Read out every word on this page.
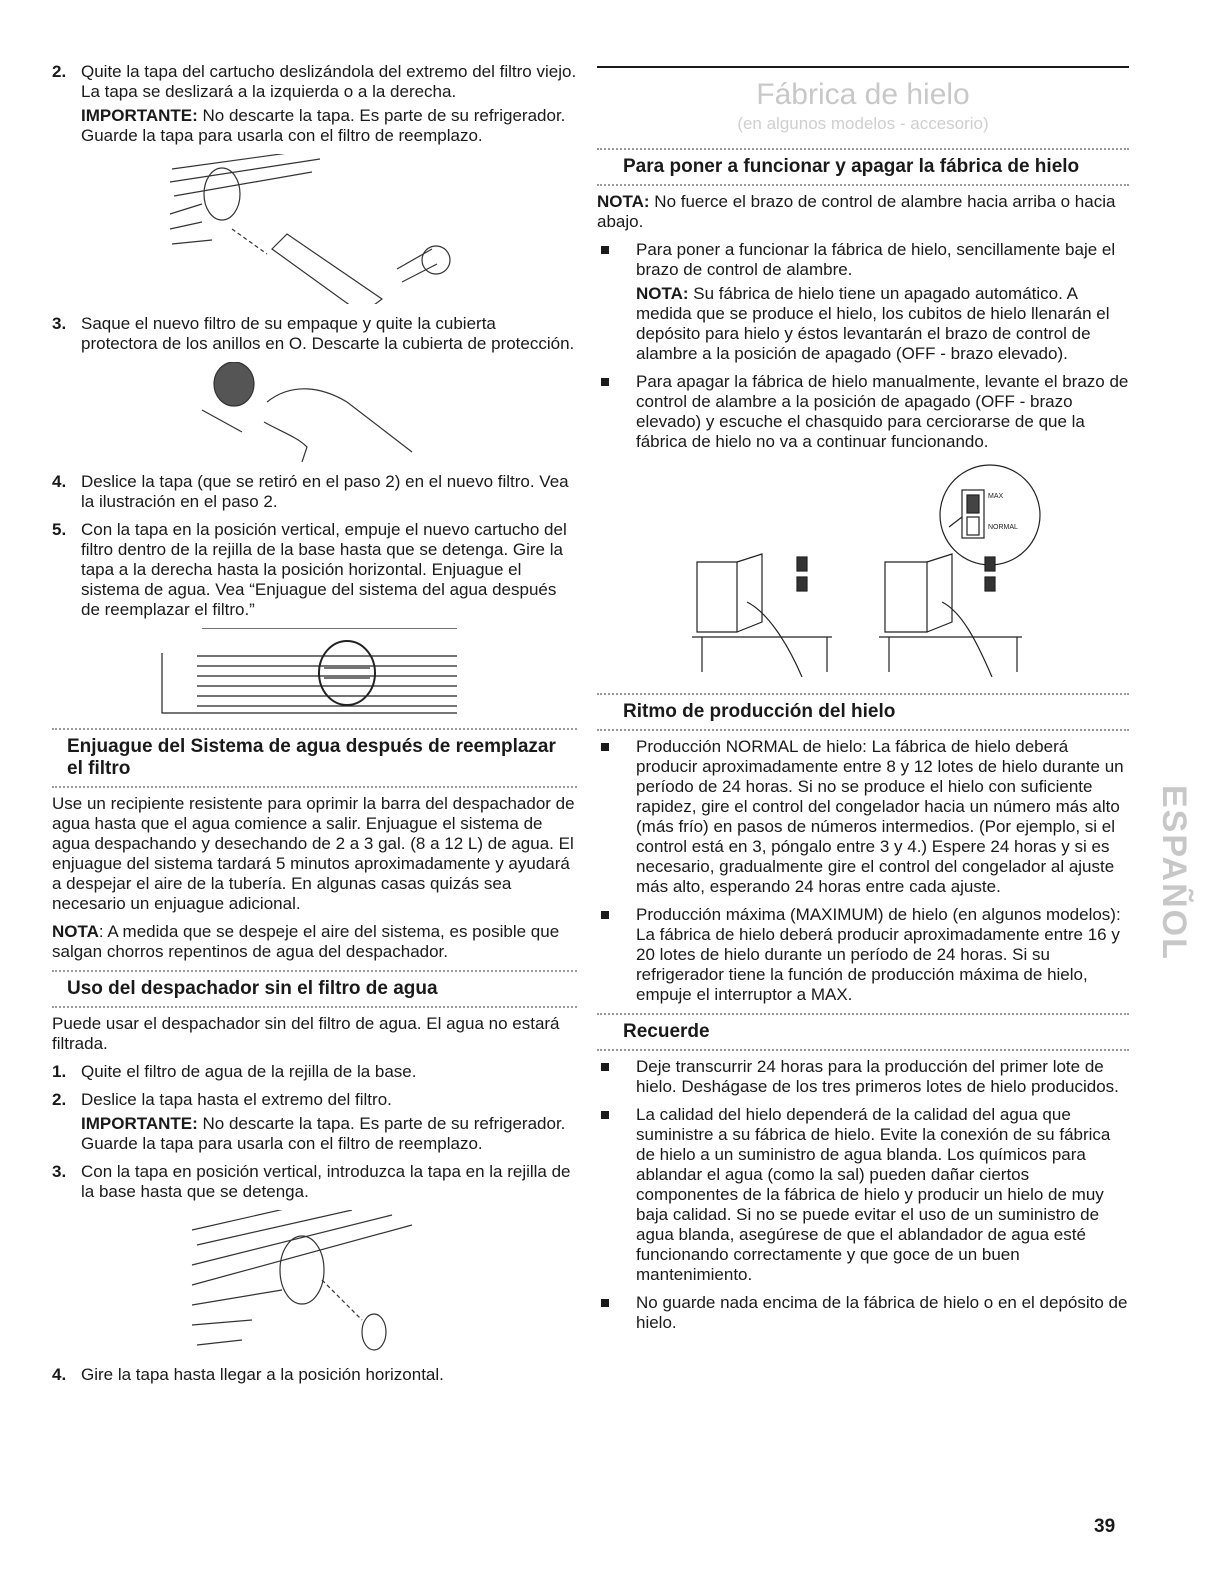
2. Quite la tapa del cartucho deslizándola del extremo del filtro viejo. La tapa se deslizará a la izquierda o a la derecha.
IMPORTANTE: No descarte la tapa. Es parte de su refrigerador. Guarde la tapa para usarla con el filtro de reemplazo.
3. Saque el nuevo filtro de su empaque y quite la cubierta protectora de los anillos en O. Descarte la cubierta de protección.
4. Deslice la tapa (que se retiró en el paso 2) en el nuevo filtro. Vea la ilustración en el paso 2.
5. Con la tapa en la posición vertical, empuje el nuevo cartucho del filtro dentro de la rejilla de la base hasta que se detenga. Gire la tapa a la derecha hasta la posición horizontal. Enjuague el sistema de agua. Vea “Enjuague del sistema del agua después de reemplazar el filtro.”

Enjuague del Sistema de agua después de reemplazar el filtro

Use un recipiente resistente para oprimir la barra del despachador de agua hasta que el agua comience a salir. Enjuague el sistema de agua despachando y desechando de 2 a 3 gal. (8 a 12 L) de agua. El enjuague del sistema tardará 5 minutos aproximadamente y ayudará a despejar el aire de la tubería. En algunas casas quizás sea necesario un enjuague adicional.

NOTA: A medida que se despeje el aire del sistema, es posible que salgan chorros repentinos de agua del despachador.

Uso del despachador sin el filtro de agua

Puede usar el despachador sin del filtro de agua. El agua no estará filtrada.

1. Quite el filtro de agua de la rejilla de la base.
2. Deslice la tapa hasta el extremo del filtro.
IMPORTANTE: No descarte la tapa. Es parte de su refrigerador. Guarde la tapa para usarla con el filtro de reemplazo.
3. Con la tapa en posición vertical, introduzca la tapa en la rejilla de la base hasta que se detenga.
4. Gire la tapa hasta llegar a la posición horizontal.
Fábrica de hielo
(en algunos modelos - accesorio)

Para poner a funcionar y apagar la fábrica de hielo

NOTA: No fuerce el brazo de control de alambre hacia arriba o hacia abajo.

Para poner a funcionar la fábrica de hielo, sencillamente baje el brazo de control de alambre.
NOTA: Su fábrica de hielo tiene un apagado automático. A medida que se produce el hielo, los cubitos de hielo llenarán el depósito para hielo y éstos levantarán el brazo de control de alambre a la posición de apagado (OFF - brazo elevado).
Para apagar la fábrica de hielo manualmente, levante el brazo de control de alambre a la posición de apagado (OFF - brazo elevado) y escuche el chasquido para cerciorarse de que la fábrica de hielo no va a continuar funcionando.
MAX
NORMAL

Ritmo de producción del hielo

Producción NORMAL de hielo: La fábrica de hielo deberá producir aproximadamente entre 8 y 12 lotes de hielo durante un período de 24 horas. Si no se produce el hielo con suficiente rapidez, gire el control del congelador hacia un número más alto (más frío) en pasos de números intermedios. (Por ejemplo, si el control está en 3, póngalo entre 3 y 4.) Espere 24 horas y si es necesario, gradualmente gire el control del congelador al ajuste más alto, esperando 24 horas entre cada ajuste.
Producción máxima (MAXIMUM) de hielo (en algunos modelos): La fábrica de hielo deberá producir aproximadamente entre 16 y 20 lotes de hielo durante un período de 24 horas. Si su refrigerador tiene la función de producción máxima de hielo, empuje el interruptor a MAX.

Recuerde

Deje transcurrir 24 horas para la producción del primer lote de hielo. Deshágase de los tres primeros lotes de hielo producidos.
La calidad del hielo dependerá de la calidad del agua que suministre a su fábrica de hielo. Evite la conexión de su fábrica de hielo a un suministro de agua blanda. Los químicos para ablandar el agua (como la sal) pueden dañar ciertos componentes de la fábrica de hielo y producir un hielo de muy baja calidad. Si no se puede evitar el uso de un suministro de agua blanda, asegúrese de que el ablandador de agua esté funcionando correctamente y que goce de un buen mantenimiento.
No guarde nada encima de la fábrica de hielo o en el depósito de hielo.
ESPAÑOL
39
